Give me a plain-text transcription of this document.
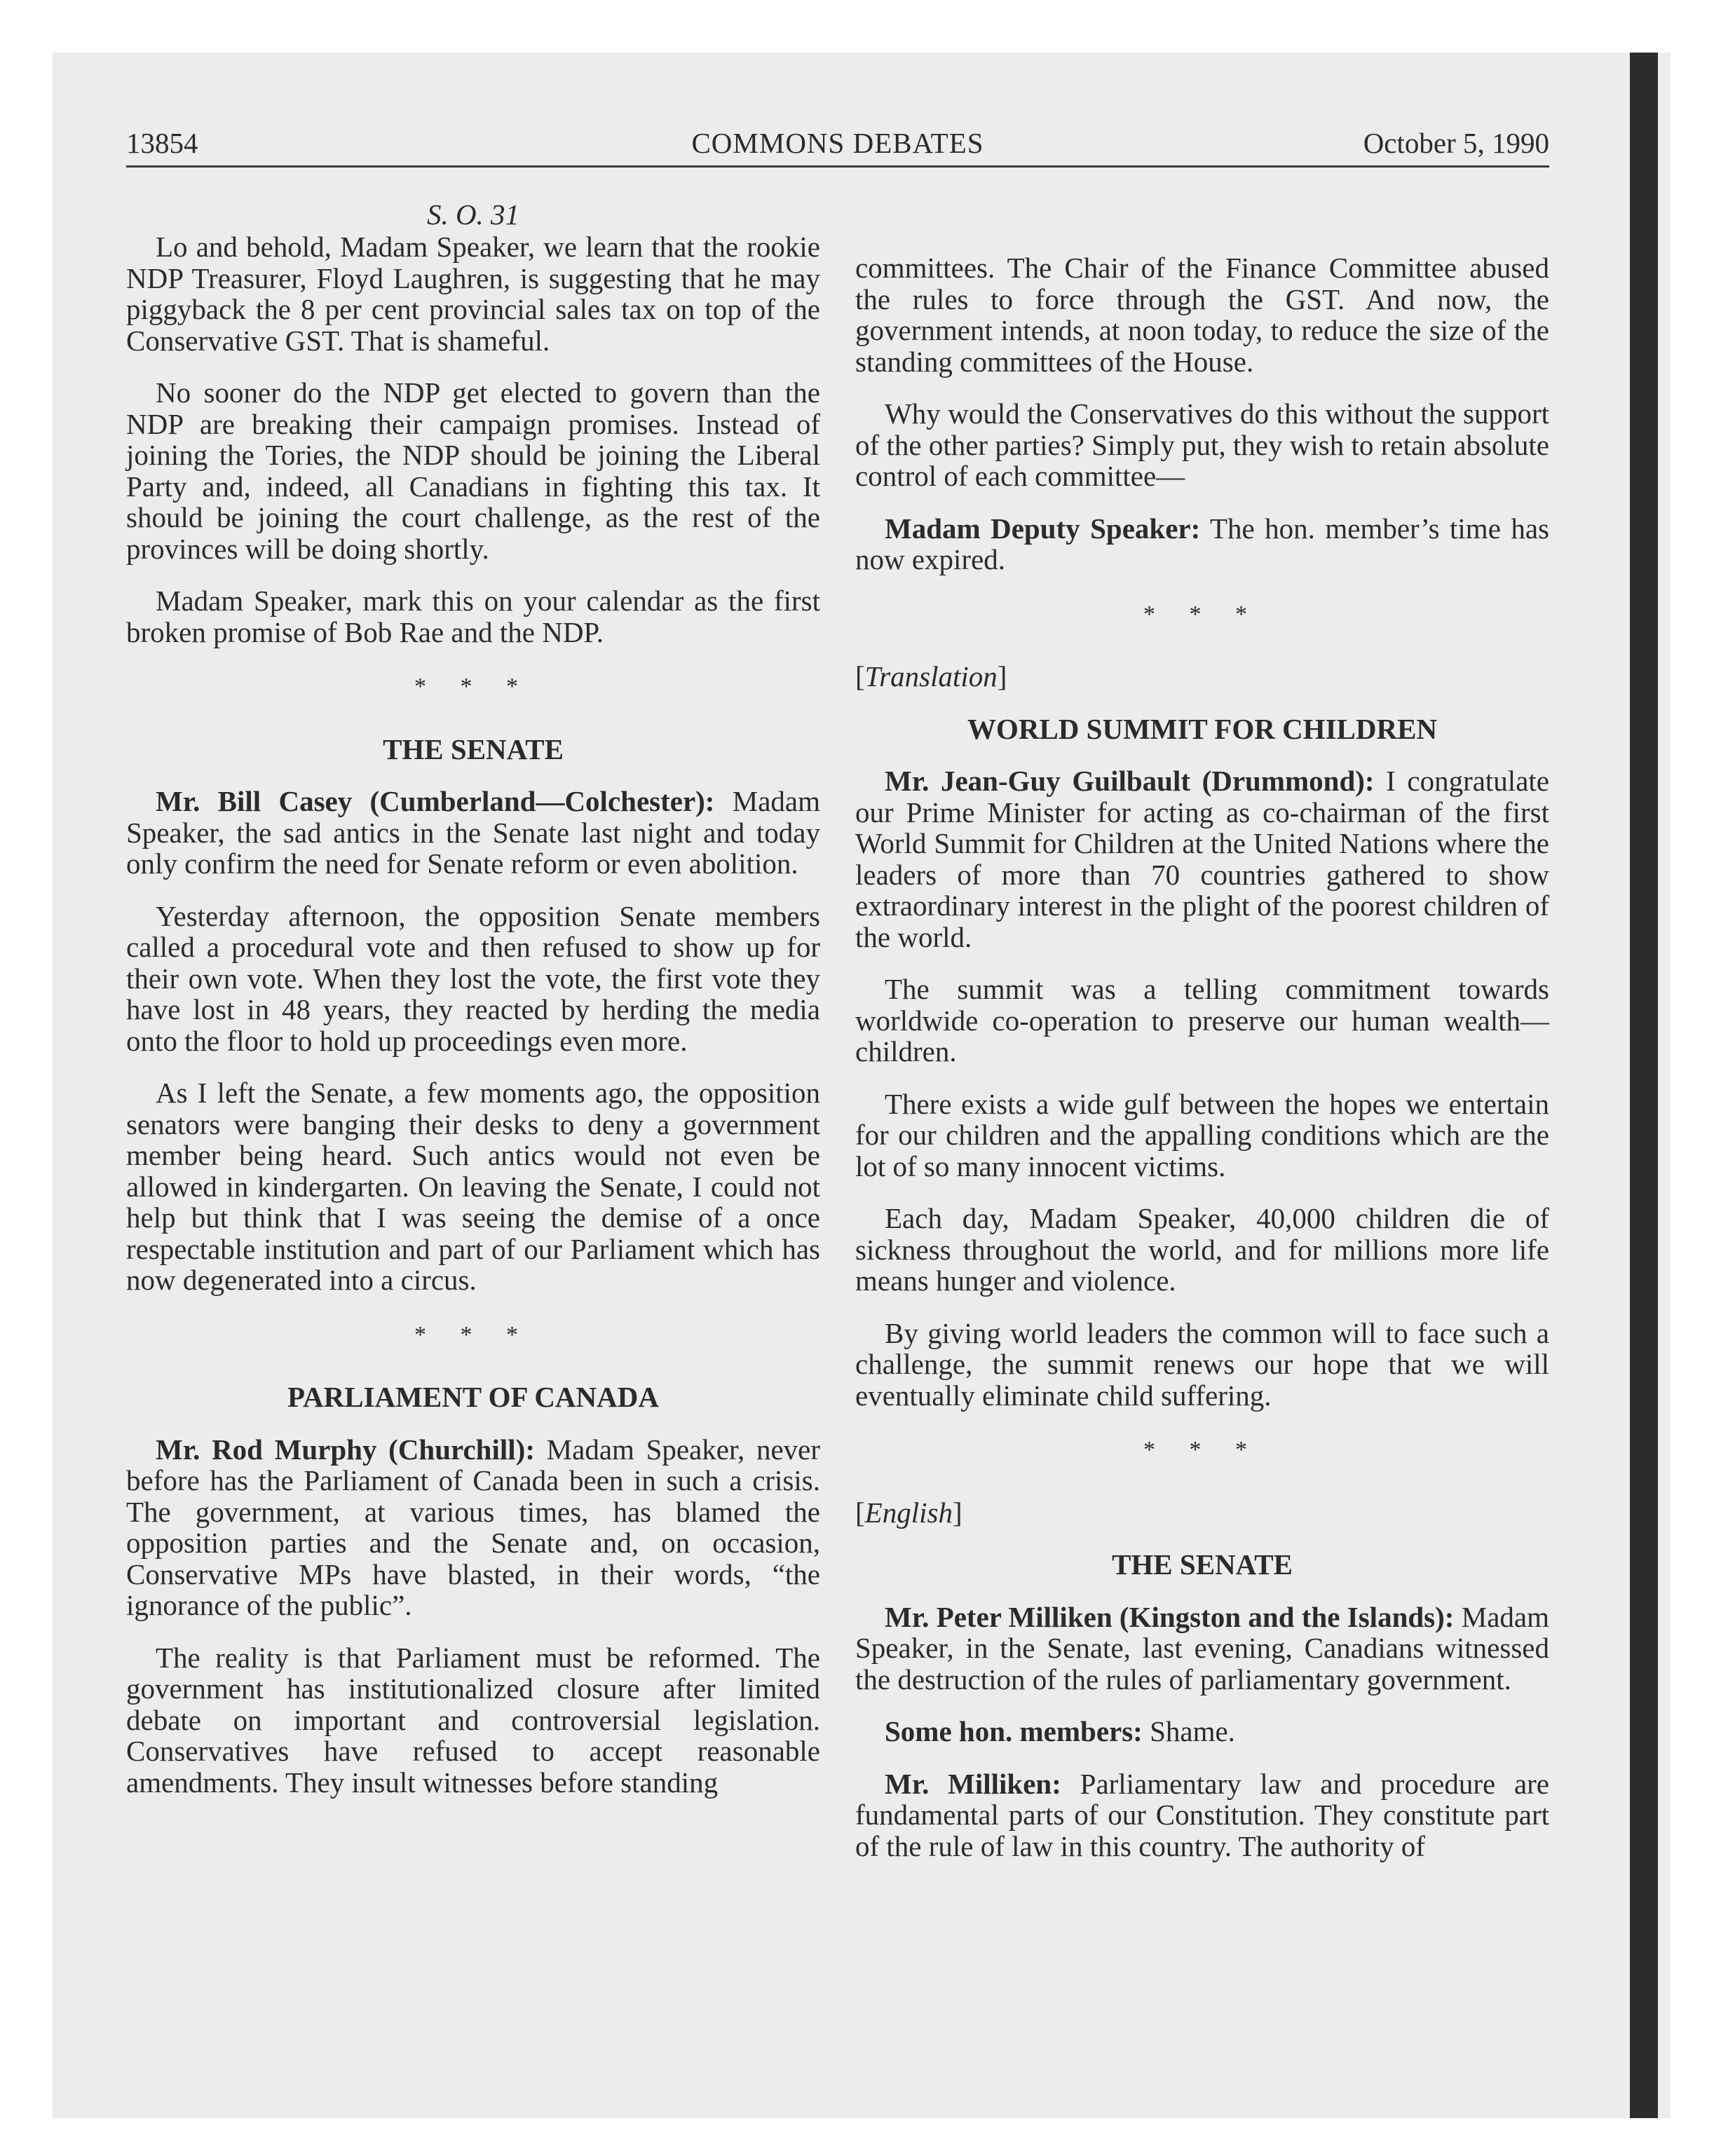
13854	COMMONS DEBATES	October 5, 1990
S. O. 31

Lo and behold, Madam Speaker, we learn that the rookie NDP Treasurer, Floyd Laughren, is suggesting that he may piggyback the 8 per cent provincial sales tax on top of the Conservative GST. That is shameful.

No sooner do the NDP get elected to govern than the NDP are breaking their campaign promises. Instead of joining the Tories, the NDP should be joining the Liberal Party and, indeed, all Canadians in fighting this tax. It should be joining the court challenge, as the rest of the provinces will be doing shortly.

Madam Speaker, mark this on your calendar as the first broken promise of Bob Rae and the NDP.

* * *
THE SENATE

Mr. Bill Casey (Cumberland—Colchester): Madam Speaker, the sad antics in the Senate last night and today only confirm the need for Senate reform or even abolition.

Yesterday afternoon, the opposition Senate members called a procedural vote and then refused to show up for their own vote. When they lost the vote, the first vote they have lost in 48 years, they reacted by herding the media onto the floor to hold up proceedings even more.

As I left the Senate, a few moments ago, the opposition senators were banging their desks to deny a government member being heard. Such antics would not even be allowed in kindergarten. On leaving the Senate, I could not help but think that I was seeing the demise of a once respectable institution and part of our Parliament which has now degenerated into a circus.

* * *
PARLIAMENT OF CANADA

Mr. Rod Murphy (Churchill): Madam Speaker, never before has the Parliament of Canada been in such a crisis. The government, at various times, has blamed the opposition parties and the Senate and, on occasion, Conservative MPs have blasted, in their words, “the ignorance of the public”.

The reality is that Parliament must be reformed. The government has institutionalized closure after limited debate on important and controversial legislation. Conservatives have refused to accept reasonable amendments. They insult witnesses before standing

committees. The Chair of the Finance Committee abused the rules to force through the GST. And now, the government intends, at noon today, to reduce the size of the standing committees of the House.

Why would the Conservatives do this without the support of the other parties? Simply put, they wish to retain absolute control of each committee—

Madam Deputy Speaker: The hon. member’s time has now expired.

* * *

[Translation]

WORLD SUMMIT FOR CHILDREN

Mr. Jean-Guy Guilbault (Drummond): I congratulate our Prime Minister for acting as co-chairman of the first World Summit for Children at the United Nations where the leaders of more than 70 countries gathered to show extraordinary interest in the plight of the poorest children of the world.

The summit was a telling commitment towards worldwide co-operation to preserve our human wealth—children.

There exists a wide gulf between the hopes we entertain for our children and the appalling conditions which are the lot of so many innocent victims.

Each day, Madam Speaker, 40,000 children die of sickness throughout the world, and for millions more life means hunger and violence.

By giving world leaders the common will to face such a challenge, the summit renews our hope that we will eventually eliminate child suffering.

* * *

[English]

THE SENATE

Mr. Peter Milliken (Kingston and the Islands): Madam Speaker, in the Senate, last evening, Canadians witnessed the destruction of the rules of parliamentary government.

Some hon. members: Shame.

Mr. Milliken: Parliamentary law and procedure are fundamental parts of our Constitution. They constitute part of the rule of law in this country. The authority of
